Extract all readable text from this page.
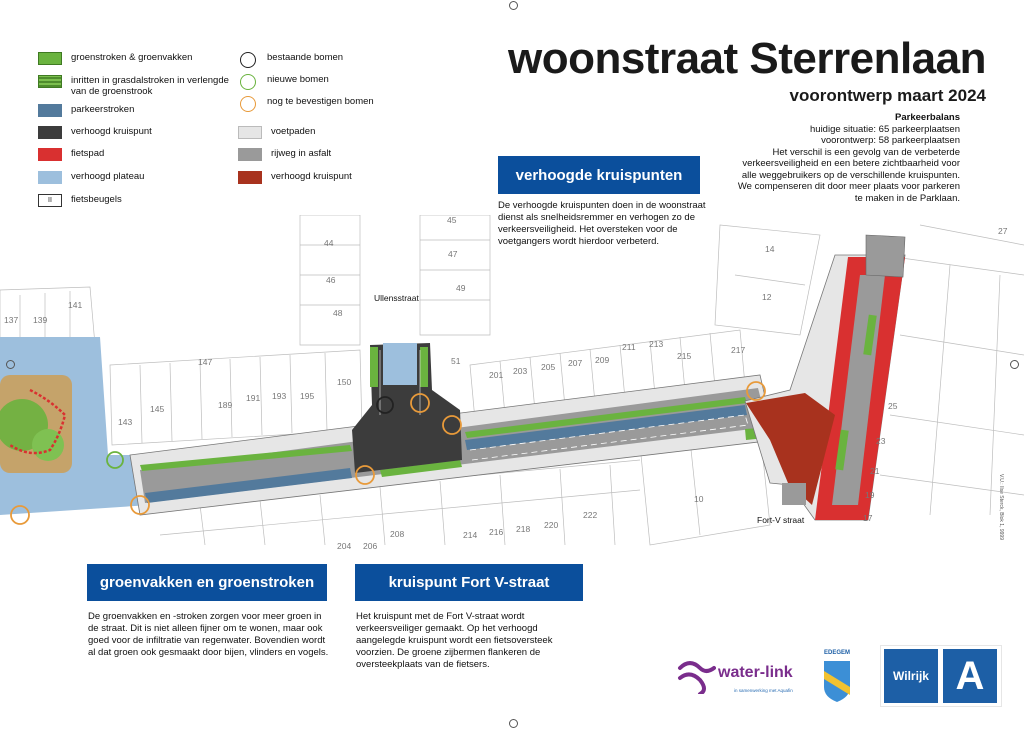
groenstroken & groenvakken
inritten in grasdalstroken in verlengde van de groenstrook
parkeerstroken
verhoogd kruispunt
fietspad
verhoogd plateau
II	fietsbeugels
bestaande bomen
nieuwe bomen
nog te bevestigen bomen
voetpaden
rijweg in asfalt
verhoogd kruispunt
woonstraat Sterrenlaan
voorontwerp maart 2024
Parkeerbalans
huidige situatie: 65 parkeerplaatsen
voorontwerp: 58 parkeerplaatsen
Het verschil is een gevolg van de verbeterde verkeersveiligheid en een betere zichtbaarheid voor alle weggebruikers op de verschillende kruispunten. We compenseren dit door meer plaats voor parkeren te maken in de Parklaan.
Ullensstraat
Fort-V straat
141
139
137
143
145
147
189
191 193 195
150
51
201 203 205 207 209
211 213
215
217
204 206
208	214 216 218 220
222
45
44
47
46
49
48
14
12
27
25
23
21
19
17
10
verhoogde kruispunten
De verhoogde kruispunten doen in de woonstraat dienst als snelheidsremmer en verhogen zo de verkeersveiligheid. Het oversteken voor de voetgangers wordt hierdoor verbeterd.
groenvakken en groenstroken
De groenvakken en -stroken zorgen voor meer groen in de straat. Dit is niet alleen fijner om te wonen, maar ook goed voor de infiltratie van regenwater. Bovendien wordt al dat groen ook gesmaakt door bijen, vlinders en vogels.
kruispunt Fort V-straat
Het kruispunt met de Fort V-straat wordt verkeersveiliger gemaakt. Op het verhoogd aangelegde kruispunt wordt een fietsoversteek voorzien. De groene zijbermen flankeren de oversteekplaats van de fietsers.	water-link
in samenwerking met Aquafin
EDEGEM
Wilrijk A
V.U.: Ilse Sterck, Blok 1, 9999
